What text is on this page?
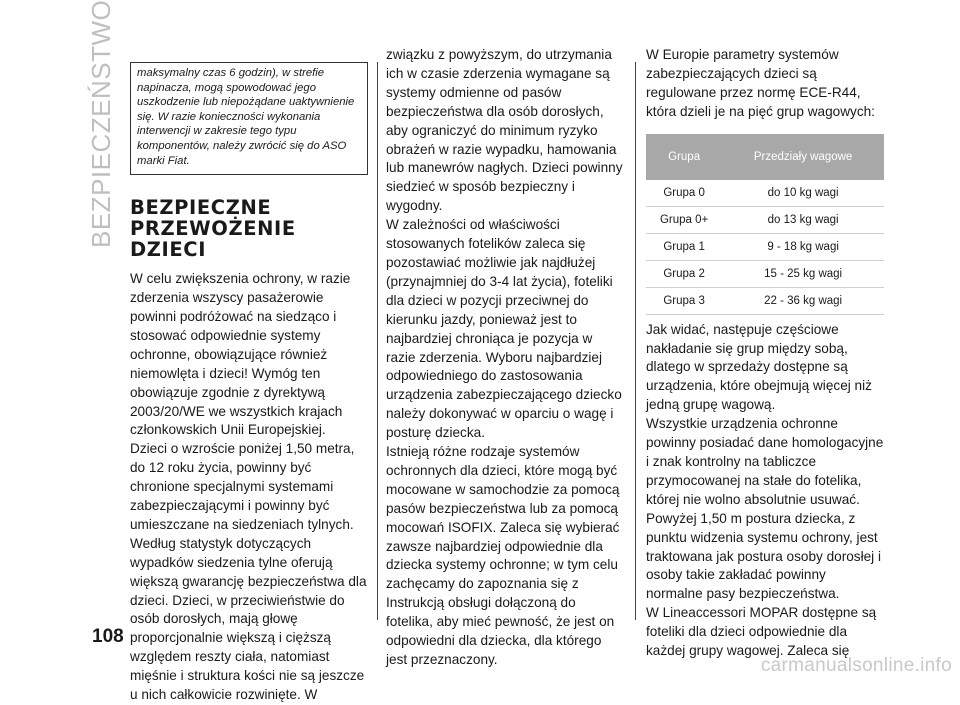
BEZPIECZEŃSTWO
108
maksymalny czas 6 godzin), w strefie napinacza, mogą spowodować jego uszkodzenie lub niepożądane uaktywnienie się. W razie konieczności wykonania interwencji w zakresie tego typu komponentów, należy zwrócić się do ASO marki Fiat.
BEZPIECZNE
PRZEWOŻENIE
DZIECI
W celu zwiększenia ochrony, w razie zderzenia wszyscy pasażerowie powinni podróżować na siedząco i stosować odpowiednie systemy ochronne, obowiązujące również niemowlęta i dzieci! Wymóg ten obowiązuje zgodnie z dyrektywą 2003/20/WE we wszystkich krajach członkowskich Unii Europejskiej.
Dzieci o wzroście poniżej 1,50 metra, do 12 roku życia, powinny być chronione specjalnymi systemami zabezpieczającymi i powinny być umieszczane na siedzeniach tylnych. Według statystyk dotyczących wypadków siedzenia tylne oferują większą gwarancję bezpieczeństwa dla dzieci. Dzieci, w przeciwieństwie do osób dorosłych, mają głowę proporcjonalnie większą i cięższą względem reszty ciała, natomiast mięśnie i struktura kości nie są jeszcze u nich całkowicie rozwinięte. W
związku z powyższym, do utrzymania ich w czasie zderzenia wymagane są systemy odmienne od pasów bezpieczeństwa dla osób dorosłych, aby ograniczyć do minimum ryzyko obrażeń w razie wypadku, hamowania lub manewrów nagłych. Dzieci powinny siedzieć w sposób bezpieczny i wygodny.
W zależności od właściwości stosowanych fotelików zaleca się pozostawiać możliwie jak najdłużej (przynajmniej do 3-4 lat życia), foteliki dla dzieci w pozycji przeciwnej do kierunku jazdy, ponieważ jest to najbardziej chroniąca je pozycja w razie zderzenia. Wyboru najbardziej odpowiedniego do zastosowania urządzenia zabezpieczającego dziecko należy dokonywać w oparciu o wagę i posturę dziecka.
Istnieją różne rodzaje systemów ochronnych dla dzieci, które mogą być mocowane w samochodzie za pomocą pasów bezpieczeństwa lub za pomocą mocowań ISOFIX. Zaleca się wybierać zawsze najbardziej odpowiednie dla dziecka systemy ochronne; w tym celu zachęcamy do zapoznania się z Instrukcją obsługi dołączoną do fotelika, aby mieć pewność, że jest on odpowiedni dla dziecka, dla którego jest przeznaczony.
W Europie parametry systemów zabezpieczających dzieci są regulowane przez normę ECE-R44, która dzieli je na pięć grup wagowych:
Grupa	Przedziały wagowe
Grupa 0	do 10 kg wagi
Grupa 0+	do 13 kg wagi
Grupa 1	9 - 18 kg wagi
Grupa 2	15 - 25 kg wagi
Grupa 3	22 - 36 kg wagi
Jak widać, następuje częściowe nakładanie się grup między sobą, dlatego w sprzedaży dostępne są urządzenia, które obejmują więcej niż jedną grupę wagową.
Wszystkie urządzenia ochronne powinny posiadać dane homologacyjne i znak kontrolny na tabliczce przymocowanej na stałe do fotelika, której nie wolno absolutnie usuwać.
Powyżej 1,50 m postura dziecka, z punktu widzenia systemu ochrony, jest traktowana jak postura osoby dorosłej i osoby takie zakładać powinny normalne pasy bezpieczeństwa.
W Lineaccessori MOPAR dostępne są foteliki dla dzieci odpowiednie dla każdej grupy wagowej. Zaleca się
carmanualsonline.info
